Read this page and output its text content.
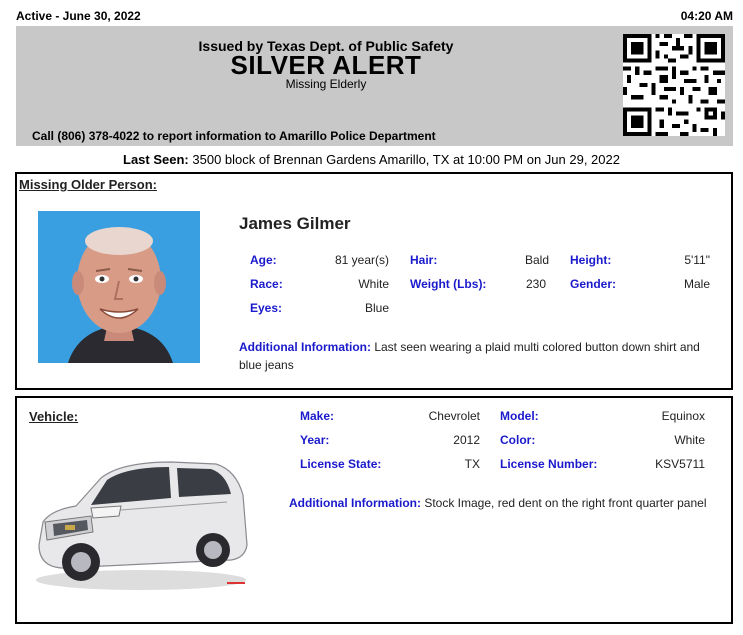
Active - June 30, 2022	04:20 AM
Issued by Texas Dept. of Public Safety
SILVER ALERT
Missing Elderly
Call (806) 378-4022 to report information to Amarillo Police Department
Last Seen: 3500 block of Brennan Gardens Amarillo, TX at 10:00 PM on Jun 29, 2022
Missing Older Person:
James Gilmer
Age:	81 year(s) Hair:	Bald Height:	5'11"
Race:	White Weight (Lbs):	230 Gender:	Male
Eyes:	Blue
Additional Information: Last seen wearing a plaid multi colored button down shirt and blue jeans
Vehicle:	Make:	Chevrolet Model:	Equinox
Year:	2012 Color:	White
License State:	TX License Number:	KSV5711
Additional Information: Stock Image, red dent on the right front quarter panel
